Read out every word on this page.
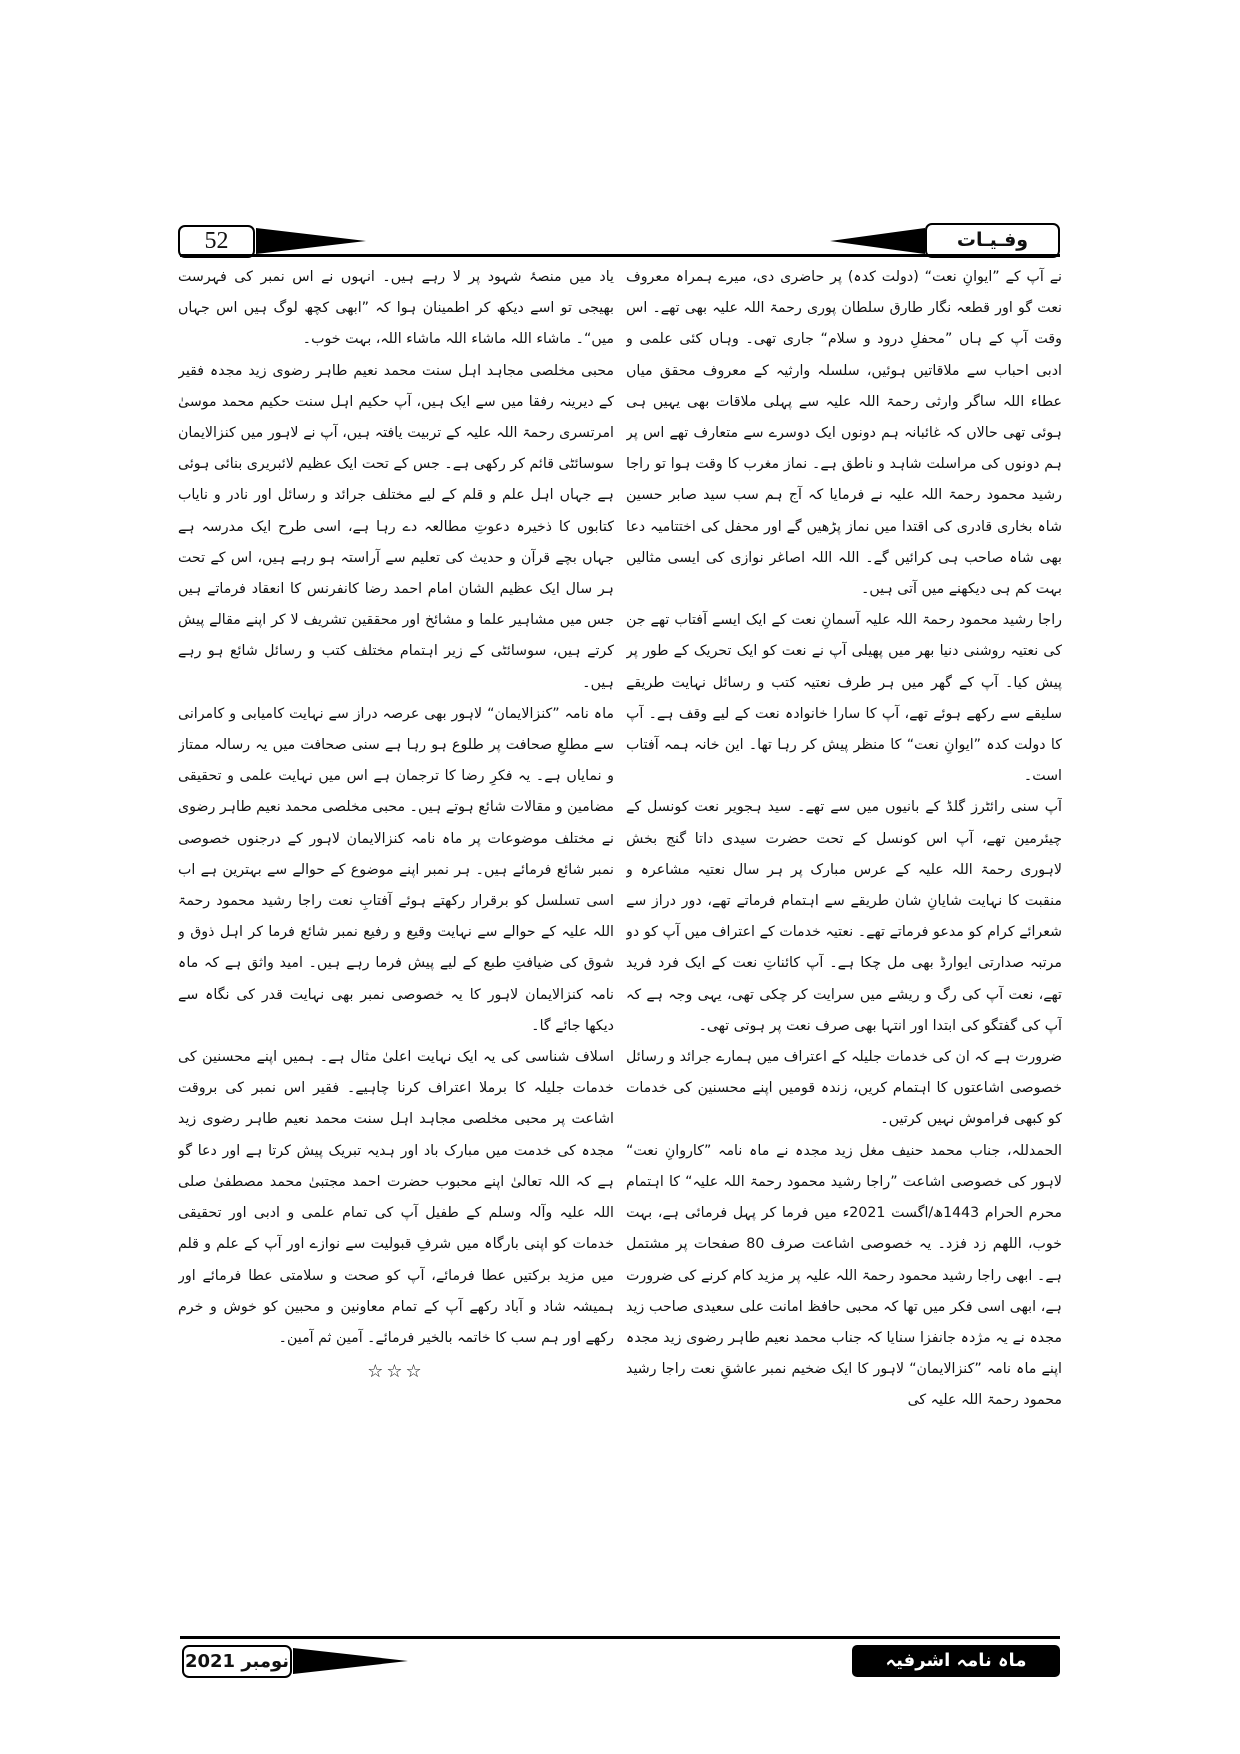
52	وفـیـات

نے آپ کے ”ایوانِ نعت“ (دولت کدہ) پر حاضری دی، میرے ہمراہ معروف نعت گو اور قطعہ نگار طارق سلطان پوری رحمۃ اللہ علیہ بھی تھے۔ اس وقت آپ کے ہاں ”محفلِ درود و سلام“ جاری تھی۔ وہاں کئی علمی و ادبی احباب سے ملاقاتیں ہوئیں، سلسلہ وارثیہ کے معروف محقق میاں عطاء اللہ ساگر وارثی رحمۃ اللہ علیہ سے پہلی ملاقات بھی یہیں ہی ہوئی تھی حالاں کہ غائبانہ ہم دونوں ایک دوسرے سے متعارف تھے اس پر ہم دونوں کی مراسلت شاہد و ناطق ہے۔ نماز مغرب کا وقت ہوا تو راجا رشید محمود رحمۃ اللہ علیہ نے فرمایا کہ آج ہم سب سید صابر حسین شاہ بخاری قادری کی اقتدا میں نماز پڑھیں گے اور محفل کی اختتامیہ دعا بھی شاہ صاحب ہی کرائیں گے۔ اللہ اللہ اصاغر نوازی کی ایسی مثالیں بہت کم ہی دیکھنے میں آتی ہیں۔

راجا رشید محمود رحمۃ اللہ علیہ آسمانِ نعت کے ایک ایسے آفتاب تھے جن کی نعتیہ روشنی دنیا بھر میں پھیلی آپ نے نعت کو ایک تحریک کے طور پر پیش کیا۔ آپ کے گھر میں ہر طرف نعتیہ کتب و رسائل نہایت طریقے سلیقے سے رکھے ہوئے تھے، آپ کا سارا خانوادہ نعت کے لیے وقف ہے۔ آپ کا دولت کدہ ”ایوانِ نعت“ کا منظر پیش کر رہا تھا۔ این خانہ ہمہ آفتاب است۔

آپ سنی رائٹرز گلڈ کے بانیوں میں سے تھے۔ سید ہجویر نعت کونسل کے چیئرمین تھے، آپ اس کونسل کے تحت حضرت سیدی داتا گنج بخش لاہوری رحمۃ اللہ علیہ کے عرس مبارک پر ہر سال نعتیہ مشاعرہ و منقبت کا نہایت شایانِ شان طریقے سے اہتمام فرماتے تھے، دور دراز سے شعرائے کرام کو مدعو فرماتے تھے۔ نعتیہ خدمات کے اعتراف میں آپ کو دو مرتبہ صدارتی ایوارڈ بھی مل چکا ہے۔ آپ کائناتِ نعت کے ایک فرد فرید تھے، نعت آپ کی رگ و ریشے میں سرایت کر چکی تھی، یہی وجہ ہے کہ آپ کی گفتگو کی ابتدا اور انتہا بھی صرف نعت پر ہوتی تھی۔

ضرورت ہے کہ ان کی خدمات جلیلہ کے اعتراف میں ہمارے جرائد و رسائل خصوصی اشاعتوں کا اہتمام کریں، زندہ قومیں اپنے محسنین کی خدمات کو کبھی فراموش نہیں کرتیں۔

الحمدللہ، جناب محمد حنیف مغل زید مجدہ نے ماہ نامہ ”کاروانِ نعت“ لاہور کی خصوصی اشاعت ”راجا رشید محمود رحمۃ اللہ علیہ“ کا اہتمام محرم الحرام 1443ھ/اگست 2021ء میں فرما کر پہل فرمائی ہے، بہت خوب، اللھم زد فزد۔ یہ خصوصی اشاعت صرف 80 صفحات پر مشتمل ہے۔ ابھی راجا رشید محمود رحمۃ اللہ علیہ پر مزید کام کرنے کی ضرورت ہے، ابھی اسی فکر میں تھا کہ محبی حافظ امانت علی سعیدی صاحب زید مجدہ نے یہ مژدہ جانفزا سنایا کہ جناب محمد نعیم طاہر رضوی زید مجدہ اپنے ماہ نامہ ”کنزالایمان“ لاہور کا ایک ضخیم نمبر عاشقِ نعت راجا رشید محمود رحمۃ اللہ علیہ کی

یاد میں منصۂ شہود پر لا رہے ہیں۔ انہوں نے اس نمبر کی فہرست بھیجی تو اسے دیکھ کر اطمینان ہوا کہ ”ابھی کچھ لوگ ہیں اس جہاں میں“۔ ماشاء اللہ ماشاء اللہ ماشاء اللہ، بہت خوب۔

محبی مخلصی مجاہد اہل سنت محمد نعیم طاہر رضوی زید مجدہ فقیر کے دیرینہ رفقا میں سے ایک ہیں، آپ حکیم اہل سنت حکیم محمد موسیٰ امرتسری رحمۃ اللہ علیہ کے تربیت یافتہ ہیں، آپ نے لاہور میں کنزالایمان سوسائٹی قائم کر رکھی ہے۔ جس کے تحت ایک عظیم لائبریری بنائی ہوئی ہے جہاں اہل علم و قلم کے لیے مختلف جرائد و رسائل اور نادر و نایاب کتابوں کا ذخیرہ دعوتِ مطالعہ دے رہا ہے، اسی طرح ایک مدرسہ ہے جہاں بچے قرآن و حدیث کی تعلیم سے آراستہ ہو رہے ہیں، اس کے تحت ہر سال ایک عظیم الشان امام احمد رضا کانفرنس کا انعقاد فرماتے ہیں جس میں مشاہیر علما و مشائخ اور محققین تشریف لا کر اپنے مقالے پیش کرتے ہیں، سوسائٹی کے زیر اہتمام مختلف کتب و رسائل شائع ہو رہے ہیں۔

ماہ نامہ ”کنزالایمان“ لاہور بھی عرصہ دراز سے نہایت کامیابی و کامرانی سے مطلعِ صحافت پر طلوع ہو رہا ہے سنی صحافت میں یہ رسالہ ممتاز و نمایاں ہے۔ یہ فکرِ رضا کا ترجمان ہے اس میں نہایت علمی و تحقیقی مضامین و مقالات شائع ہوتے ہیں۔ محبی مخلصی محمد نعیم طاہر رضوی نے مختلف موضوعات پر ماہ نامہ کنزالایمان لاہور کے درجنوں خصوصی نمبر شائع فرمائے ہیں۔ ہر نمبر اپنے موضوع کے حوالے سے بہترین ہے اب اسی تسلسل کو برقرار رکھتے ہوئے آفتابِ نعت راجا رشید محمود رحمۃ اللہ علیہ کے حوالے سے نہایت وقیع و رفیع نمبر شائع فرما کر اہل ذوق و شوق کی ضیافتِ طبع کے لیے پیش فرما رہے ہیں۔ امید واثق ہے کہ ماہ نامہ کنزالایمان لاہور کا یہ خصوصی نمبر بھی نہایت قدر کی نگاہ سے دیکھا جائے گا۔

اسلاف شناسی کی یہ ایک نہایت اعلیٰ مثال ہے۔ ہمیں اپنے محسنین کی خدمات جلیلہ کا برملا اعتراف کرنا چاہیے۔ فقیر اس نمبر کی بروقت اشاعت پر محبی مخلصی مجاہد اہل سنت محمد نعیم طاہر رضوی زید مجدہ کی خدمت میں مبارک باد اور ہدیہ تبریک پیش کرتا ہے اور دعا گو ہے کہ اللہ تعالیٰ اپنے محبوب حضرت احمد مجتبیٰ محمد مصطفیٰ صلی اللہ علیہ وآلہ وسلم کے طفیل آپ کی تمام علمی و ادبی اور تحقیقی خدمات کو اپنی بارگاہ میں شرفِ قبولیت سے نوازے اور آپ کے علم و قلم میں مزید برکتیں عطا فرمائے، آپ کو صحت و سلامتی عطا فرمائے اور ہمیشہ شاد و آباد رکھے آپ کے تمام معاونین و محبین کو خوش و خرم رکھے اور ہم سب کا خاتمہ بالخیر فرمائے۔ آمین ثم آمین۔

☆☆☆
نومبر 2021	ماہ نامہ اشرفیہ
